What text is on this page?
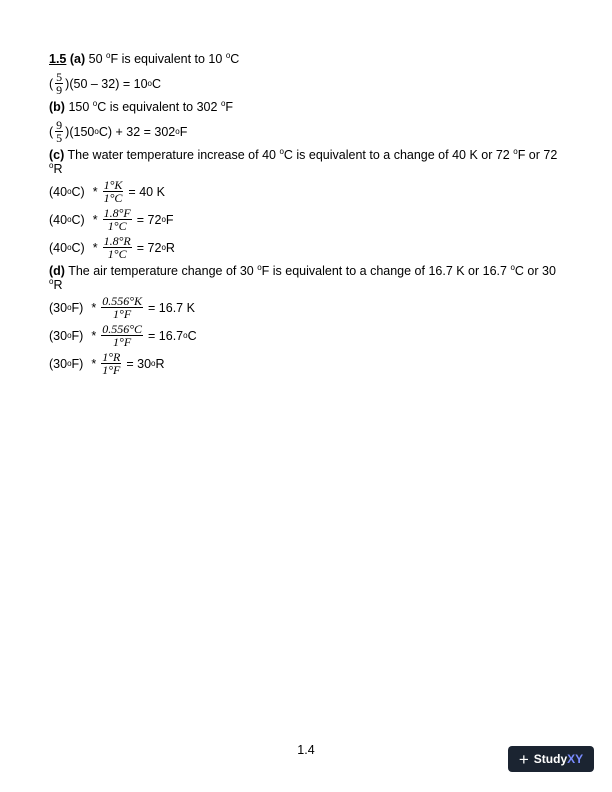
1.5 (a) 50 $^o$F is equivalent to 10 $^o$C
( $\frac{5}{9} )(50 - 32) = 10$ o C
(b) 150 $^o$C is equivalent to 302 $^o$F
( $\frac{9}{5} )(150$ o C) + 32 = 302 o F
(c) The water temperature increase of 40 $^o$C is equivalent to a change of 40 K or 72 $^o$F or 72
$^o$R
(40 o $C) * \frac{1^\circ K}{1^\circ C} = 40$ K
(40 o $C) * \frac{1.8^\circ F}{1^\circ C} = 72$ o F
(40 o $C) * \frac{1.8^\circ R}{1^\circ C} = 72$ o R
(d) The air temperature change of 30 $^o$F is equivalent to a change of 16.7 K or 16.7 $^o$C or 30
$^o$R
(30 o $F) * \frac{0.556^\circ K}{1^\circ F} = 16.7$ K
(30 o $F) * \frac{0.556^\circ C}{1^\circ F} = 16.7$ o C
(30 o $F) * \frac{1^\circ R}{1^\circ F} = 30$ o R
1.4	+ Study XY
